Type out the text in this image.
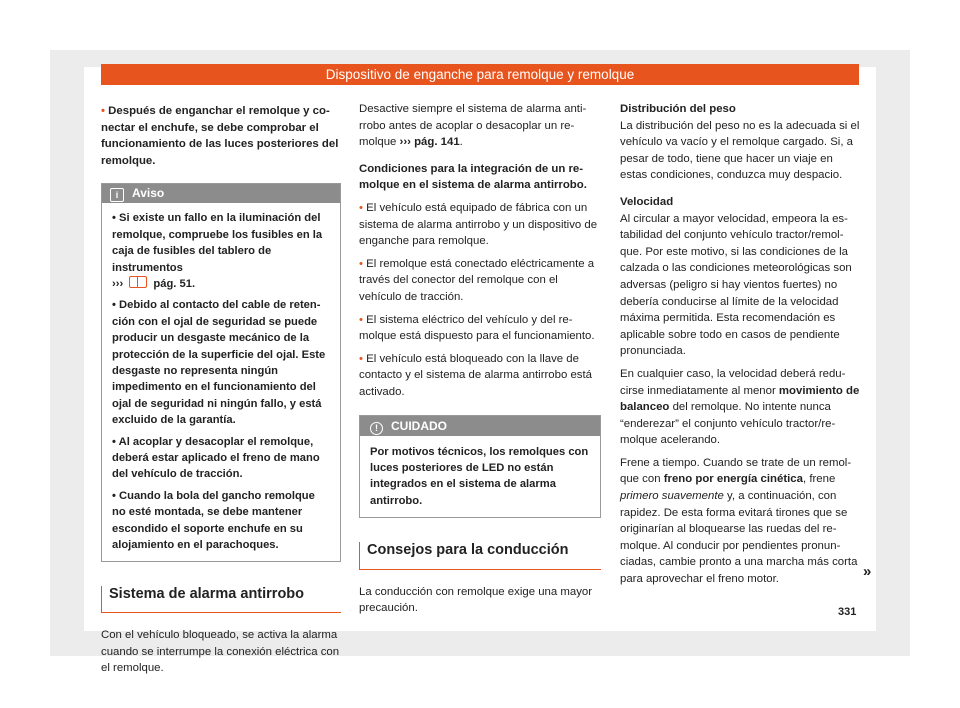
Dispositivo de enganche para remolque y remolque

• Después de enganchar el remolque y conectar el enchufe, se debe comprobar el funcionamiento de las luces posteriores del remolque.

i Aviso

• Si existe un fallo en la iluminación del remolque, compruebe los fusibles en la caja de fusibles del tablero de instrumentos
›››	pág. 51.

• Debido al contacto del cable de retención con el ojal de seguridad se puede producir un desgaste mecánico de la protección de la superficie del ojal. Este desgaste no representa ningún impedimento en el funcionamiento del ojal de seguridad ni ningún fallo, y está excluido de la garantía.

• Al acoplar y desacoplar el remolque, deberá estar aplicado el freno de mano del vehículo de tracción.

• Cuando la bola del gancho remolque no esté montada, se debe mantener escondido el soporte enchufe en su alojamiento en el parachoques.

Sistema de alarma antirrobo

Con el vehículo bloqueado, se activa la alarma cuando se interrumpe la conexión eléctrica con el remolque.

Desactive siempre el sistema de alarma antirrobo antes de acoplar o desacoplar un remolque ››› pág. 141.

Condiciones para la integración de un remolque en el sistema de alarma antirrobo.

• El vehículo está equipado de fábrica con un sistema de alarma antirrobo y un dispositivo de enganche para remolque.

• El remolque está conectado eléctricamente a través del conector del remolque con el vehículo de tracción.

• El sistema eléctrico del vehículo y del remolque está dispuesto para el funcionamiento.

• El vehículo está bloqueado con la llave de contacto y el sistema de alarma antirrobo está activado.

! CUIDADO
Por motivos técnicos, los remolques con luces posteriores de LED no están integrados en el sistema de alarma antirrobo.

Consejos para la conducción

La conducción con remolque exige una mayor precaución.

Distribución del peso

La distribución del peso no es la adecuada si el vehículo va vacío y el remolque cargado. Si, a pesar de todo, tiene que hacer un viaje en estas condiciones, conduzca muy despacio.

Velocidad

Al circular a mayor velocidad, empeora la estabilidad del conjunto vehículo tractor/remolque. Por este motivo, si las condiciones de la calzada o las condiciones meteorológicas son adversas (peligro si hay vientos fuertes) no debería conducirse al límite de la velocidad máxima permitida. Esta recomendación es aplicable sobre todo en casos de pendiente pronunciada.

En cualquier caso, la velocidad deberá reducirse inmediatamente al menor movimiento de balanceo del remolque. No intente nunca “enderezar” el conjunto vehículo tractor/remolque acelerando.

Frene a tiempo. Cuando se trate de un remolque con freno por energía cinética, frene primero suavemente y, a continuación, con rapidez. De esta forma evitará tirones que se originarían al bloquearse las ruedas del remolque. Al conducir por pendientes pronunciadas, cambie pronto a una marcha más corta para aprovechar el freno motor.	»
331
